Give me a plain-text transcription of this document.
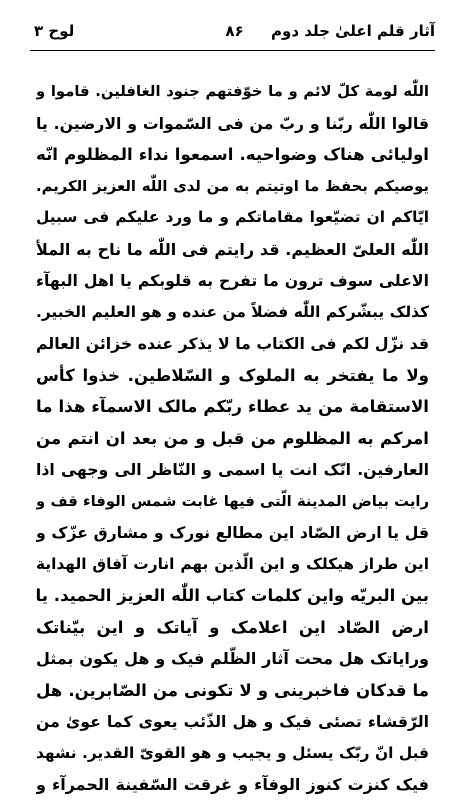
آثار قلم اعلیٰ جلد دوم
۸۶
لوح ۳
اللّٰه لومة کلّ لائم و ما خوّفتهم جنود الغافلین. قاموا و
قالوا اللّٰه ربّنا و ربّ من فی السّموات و الارضین. یا
اولیائی هناک وضواحیه. اسمعوا نداء المظلوم انّه
یوصیکم بحفظ ما اوتیتم به من لدی اللّٰه العزیز الکریم.
ایّاکم ان تضیّعوا مقاماتکم و ما ورد علیکم فی سبیل
اللّٰه العلیّ العظیم. قد رایتم فی اللّٰه ما ناح به الملأ
الاعلی سوف ترون ما تفرح به قلوبکم یا اهل البهآء
کذلک یبشّرکم اللّٰه فضلاً من عنده و هو العلیم الخبیر.
قد نزّل لکم فی الکتاب ما لا یذکر عنده خزائن العالم
ولا ما یفتخر به الملوک و السّلاطین. خذوا کأس
الاستقامة من ید عطاء ربّکم مالک الاسمآء هذا ما
امرکم به المظلوم من قبل و من بعد ان انتم من
العارفین. انّک انت یا اسمی و النّاظر الی وجهی اذا
رایت بیاض المدینة الّتی فیها غابت شمس الوفاء قف و
قل یا ارض الصّاد این مطالع نورک و مشارق عزّک و
این طراز هیکلک و این الّذین بهم انارت آفاق الهدایة
بین البریّه واین کلمات کتاب اللّٰه العزیز الحمید. یا
ارض الصّاد این اعلامک و آیاتک و این بیّناتک
ورایاتک هل محت آثار الظّلم فیک و هل یکون بمثل
ما قدکان فاخبرینی و لا تکونی من الصّابرین. هل
الرّقشاء تصئی فیک و هل الذّئب یعوی کما عویٰ من
قبل انّ ربّک یسئل و یجیب و هو القویّ القدیر. نشهد
فیک کنزت کنوز الوفآء و غرقت السّفینة الحمرآء و
